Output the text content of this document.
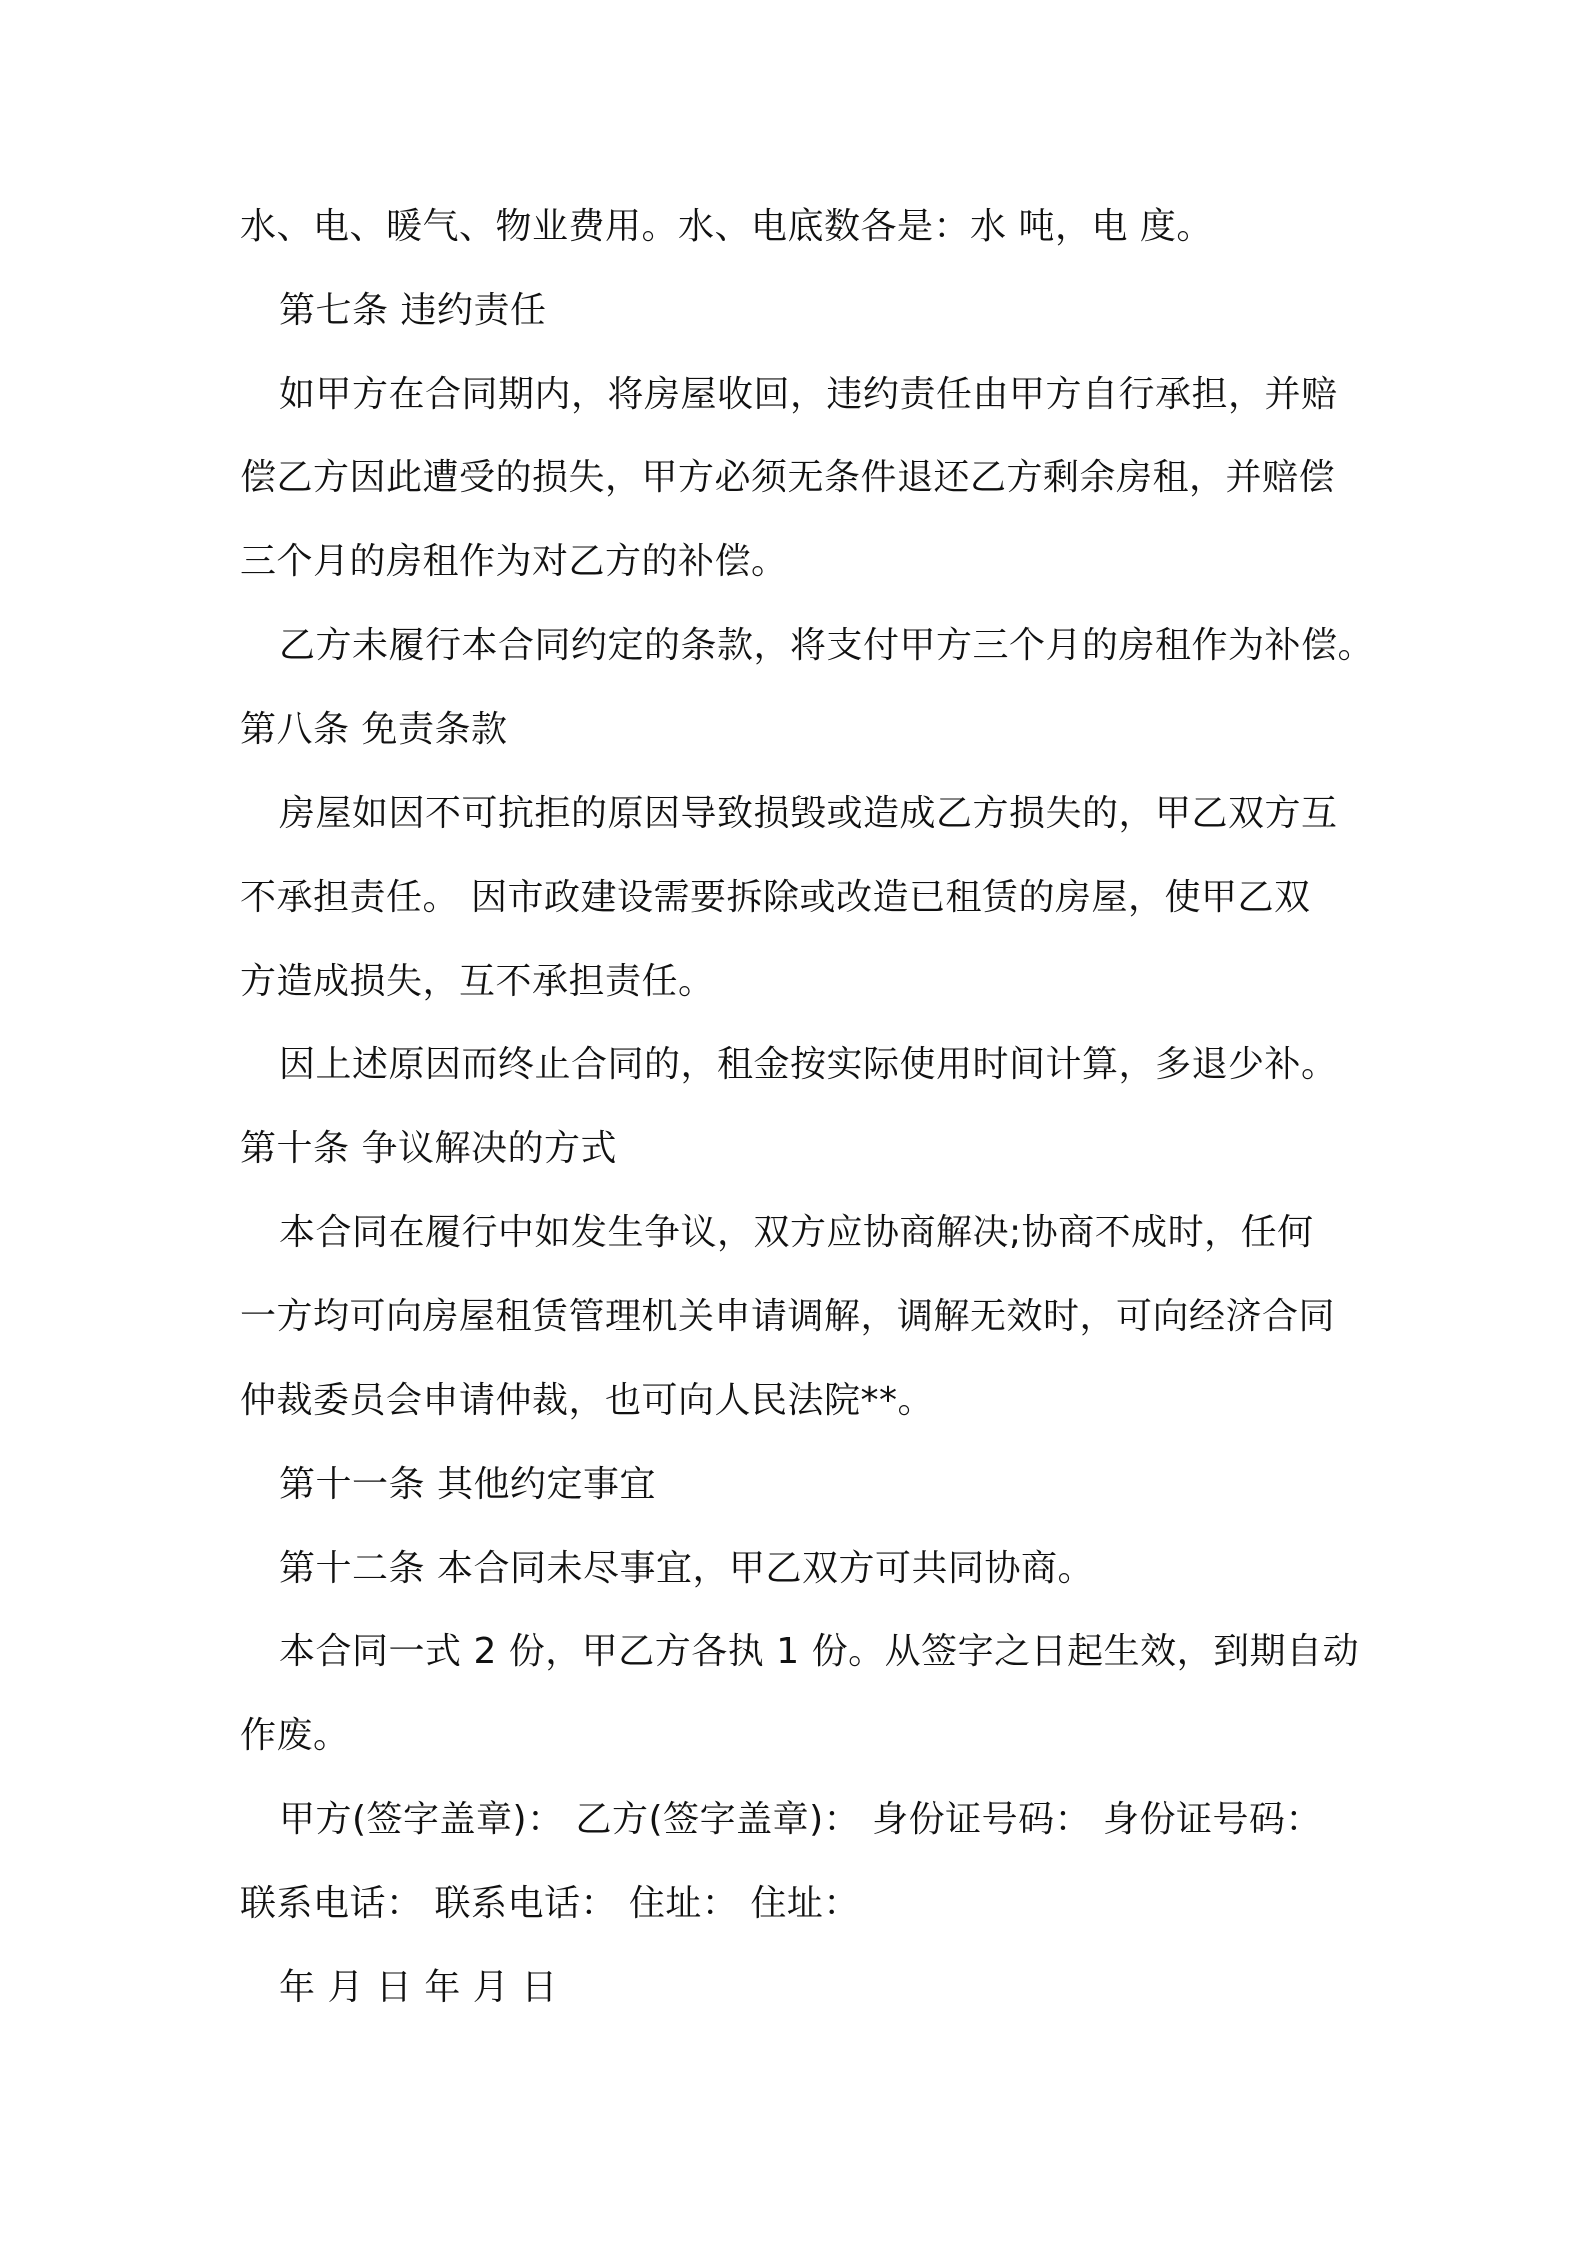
水、电、暖气、物业费用。水、电底数各是：水 吨，电 度。
第七条 违约责任
如甲方在合同期内，将房屋收回，违约责任由甲方自行承担，并赔
偿乙方因此遭受的损失，甲方必须无条件退还乙方剩余房租，并赔偿
三个月的房租作为对乙方的补偿。
乙方未履行本合同约定的条款，将支付甲方三个月的房租作为补偿。
第八条 免责条款
房屋如因不可抗拒的原因导致损毁或造成乙方损失的，甲乙双方互
不承担责任。 因市政建设需要拆除或改造已租赁的房屋，使甲乙双
方造成损失，互不承担责任。
因上述原因而终止合同的，租金按实际使用时间计算，多退少补。
第十条 争议解决的方式
本合同在履行中如发生争议，双方应协商解决;协商不成时，任何
一方均可向房屋租赁管理机关申请调解，调解无效时，可向经济合同
仲裁委员会申请仲裁，也可向人民法院**。
第十一条 其他约定事宜
第十二条 本合同未尽事宜，甲乙双方可共同协商。
本合同一式 2 份，甲乙方各执 1 份。从签字之日起生效，到期自动
作废。
甲方(签字盖章)： 乙方(签字盖章)： 身份证号码： 身份证号码：
联系电话： 联系电话： 住址： 住址：
年 月 日 年 月 日
